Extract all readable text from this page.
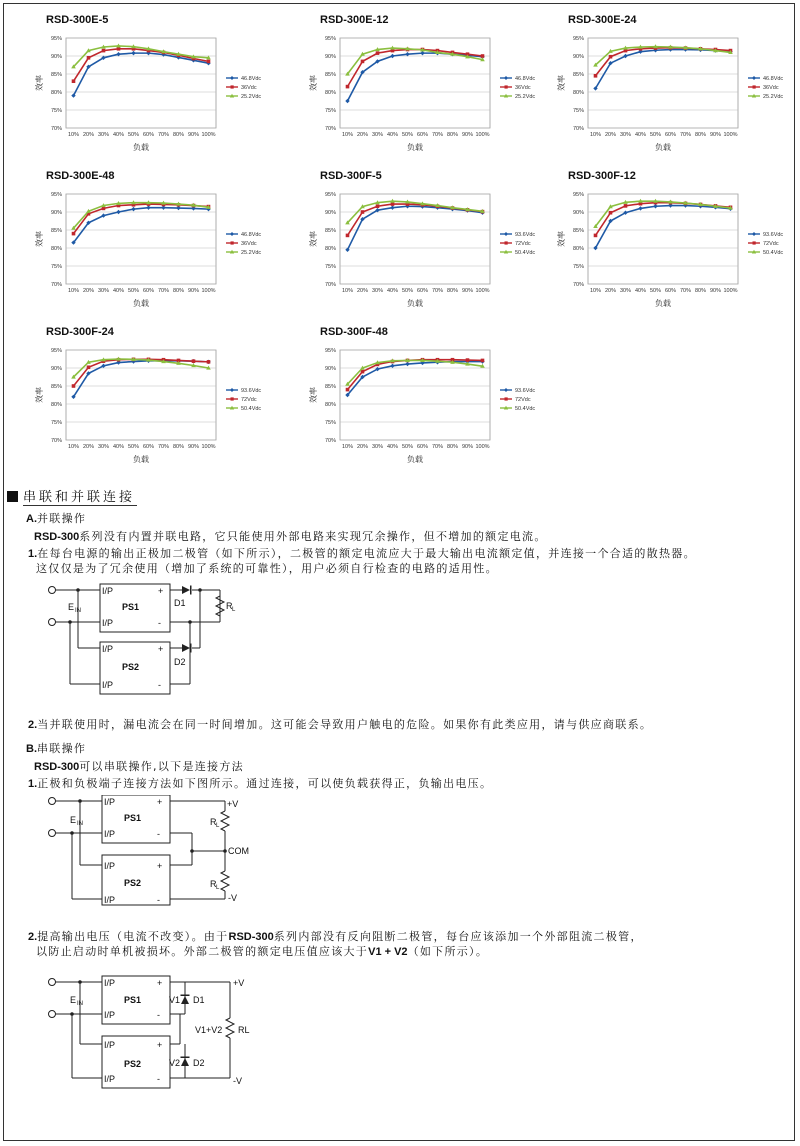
RSD-300E-5
95%
90%
85%
80%
75%
70%
10% 20% 30% 40% 50% 60% 70% 80% 90% 100%
负载
效率	46.8Vdc
36Vdc
25.2Vdc
RSD-300E-12
95%
90%
85%
80%
75%
70%
10% 20% 30% 40% 50% 60% 70% 80% 90% 100%
负载
效率	46.8Vdc
36Vdc
25.2Vdc
RSD-300E-24
95%
90%
85%
80%
75%
70%
10% 20% 30% 40% 50% 60% 70% 80% 90% 100%
负载
效率	46.8Vdc
36Vdc
25.2Vdc
RSD-300E-48
95%
90%
85%
80%
75%
70%
10% 20% 30% 40% 50% 60% 70% 80% 90% 100%
负载
效率	46.8Vdc
36Vdc
25.2Vdc
RSD-300F-5
95%
90%
85%
80%
75%
70%
10% 20% 30% 40% 50% 60% 70% 80% 90% 100%
负载
效率	93.6Vdc
72Vdc
50.4Vdc
RSD-300F-12
95%
90%
85%
80%
75%
70%
10% 20% 30% 40% 50% 60% 70% 80% 90% 100%
负载
效率	93.6Vdc
72Vdc
50.4Vdc
RSD-300F-24
95%
90%
85%
80%
75%
70%
10% 20% 30% 40% 50% 60% 70% 80% 90% 100%
负载
效率	93.6Vdc
72Vdc
50.4Vdc
RSD-300F-48
95%
90%
85%
80%
75%
70%
10% 20% 30% 40% 50% 60% 70% 80% 90% 100%
负载
效率	93.6Vdc
72Vdc
50.4Vdc
串联和并联连接
A.并联操作
RSD-300系列没有内置并联电路，它只能使用外部电路来实现冗余操作，但不增加的额定电流。
1.在每台电源的输出正极加二极管（如下所示），二极管的额定电流应大于最大输出电流额定值，并连接一个合适的散热器。
这仅仅是为了冗余使用（增加了系统的可靠性），用户必须自行检查的电路的适用性。
2.当并联使用时，漏电流会在同一时间增加。这可能会导致用户触电的危险。如果你有此类应用，请与供应商联系。
B.串联操作
RSD-300可以串联操作,以下是连接方法
1.正极和负极端子连接方法如下图所示。通过连接，可以使负载获得正，负输出电压。
2.提高输出电压（电流不改变）。由于RSD-300系列内部没有反向阻断二极管，每台应该添加一个外部阻流二极管，
以防止启动时单机被损坏。外部二极管的额定电压值应该大于V1 + V2（如下所示）。
I/P
I/P
PS1
+
-
I/P
I/P
PS2
+
-
D1
D2
R L
E IN
I/P
I/P
PS1
+
-
I/P
I/P
PS2
+
-
R L
R L
+V
COM
-V
E IN
I/P
I/P
PS1
+
-
I/P
I/P
PS2
+
-
V1 D1
V2 D2
V1+V2 RL
+V
-V
E IN
